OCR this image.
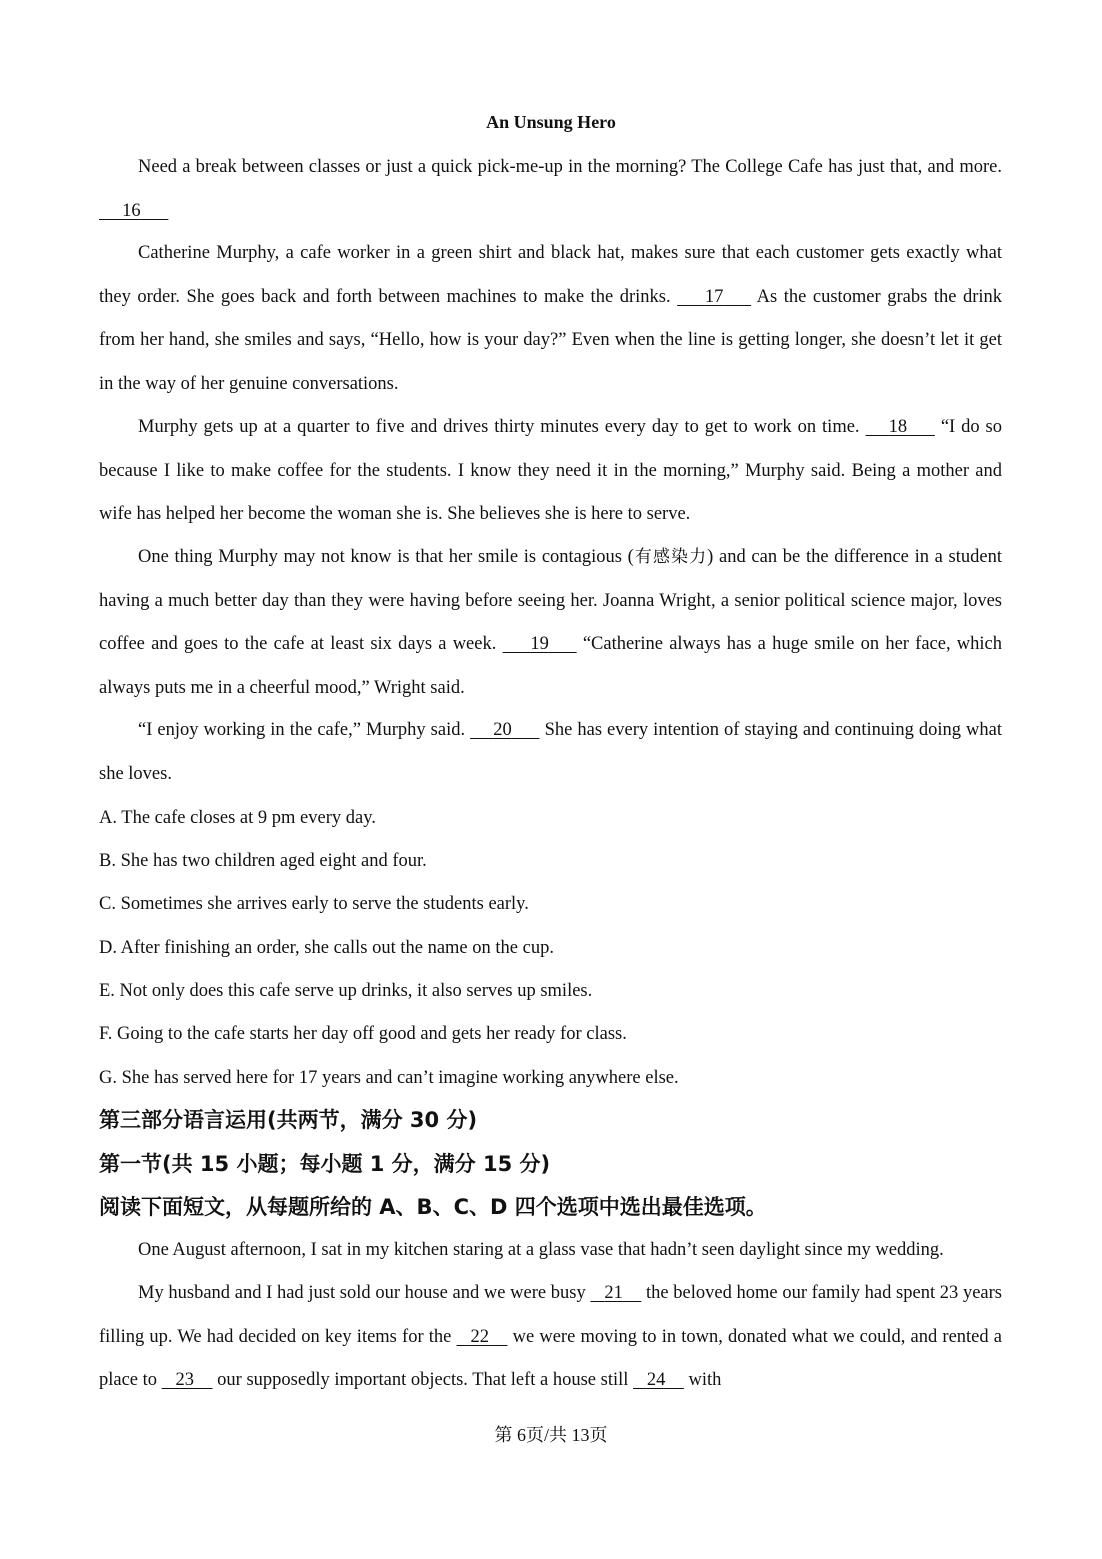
An Unsung Hero

Need a break between classes or just a quick pick-me-up in the morning? The College Cafe has just that, and more.      16

Catherine Murphy, a cafe worker in a green shirt and black hat, makes sure that each customer gets exactly what they order. She goes back and forth between machines to make the drinks. 17 As the customer grabs the drink from her hand, she smiles and says, “Hello, how is your day?” Even when the line is getting longer, she doesn’t let it get in the way of her genuine conversations.

Murphy gets up at a quarter to five and drives thirty minutes every day to get to work on time. 18 “I do so because I like to make coffee for the students. I know they need it in the morning,” Murphy said. Being a mother and wife has helped her become the woman she is. She believes she is here to serve.

One thing Murphy may not know is that her smile is contagious (有感染力) and can be the difference in a student having a much better day than they were having before seeing her. Joanna Wright, a senior political science major, loves coffee and goes to the cafe at least six days a week. 19 “Catherine always has a huge smile on her face, which always puts me in a cheerful mood,” Wright said.

“I enjoy working in the cafe,” Murphy said. 20 She has every intention of staying and continuing doing what she loves.

A. The cafe closes at 9 pm every day.
B. She has two children aged eight and four.
C. Sometimes she arrives early to serve the students early.
D. After finishing an order, she calls out the name on the cup.
E. Not only does this cafe serve up drinks, it also serves up smiles.
F. Going to the cafe starts her day off good and gets her ready for class.
G. She has served here for 17 years and can’t imagine working anywhere else.
第三部分语言运用(共两节，满分 30 分)
第一节(共 15 小题；每小题 1 分，满分 15 分)
阅读下面短文，从每题所给的 A、B、C、D 四个选项中选出最佳选项。

One August afternoon, I sat in my kitchen staring at a glass vase that hadn’t seen daylight since my wedding.

My husband and I had just sold our house and we were busy 21 the beloved home our family had spent 23 years filling up. We had decided on key items for the 22 we were moving to in town, donated what we could, and rented a place to 23 our supposedly important objects. That left a house still 24 with

第 6页/共 13页
